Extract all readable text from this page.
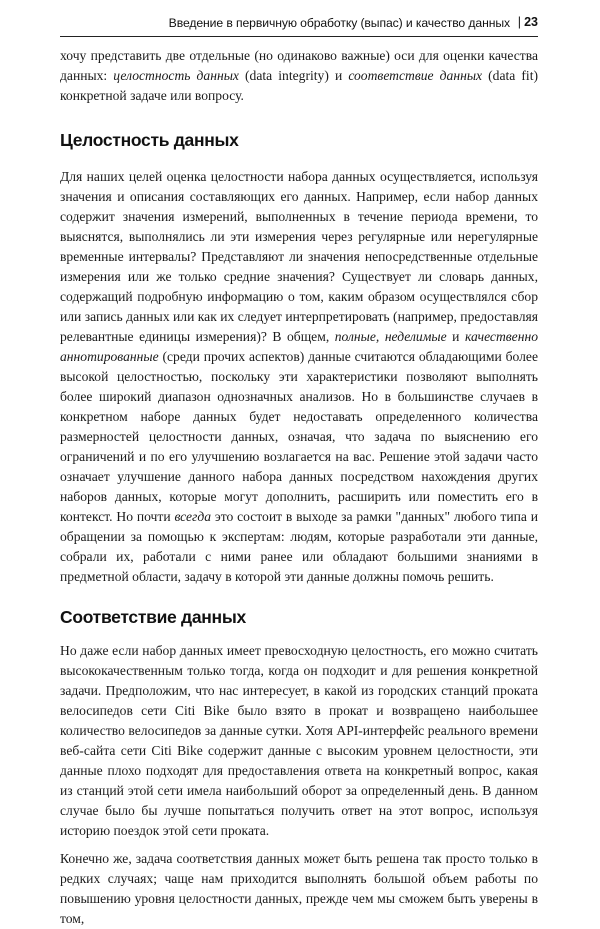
Введение в первичную обработку (выпас) и качество данных | 23

хочу представить две отдельные (но одинаково важные) оси для оценки качества данных: целостность данных (data integrity) и соответствие данных (data fit) конкретной задаче или вопросу.

Целостность данных

Для наших целей оценка целостности набора данных осуществляется, используя значения и описания составляющих его данных. Например, если набор данных содержит значения измерений, выполненных в течение периода времени, то выяснятся, выполнялись ли эти измерения через регулярные или нерегулярные временные интервалы? Представляют ли значения непосредственные отдельные измерения или же только средние значения? Существует ли словарь данных, содержащий подробную информацию о том, каким образом осуществлялся сбор или запись данных или как их следует интерпретировать (например, предоставляя релевантные единицы измерения)? В общем, полные, неделимые и качественно аннотированные (среди прочих аспектов) данные считаются обладающими более высокой целостностью, поскольку эти характеристики позволяют выполнять более широкий диапазон однозначных анализов. Но в большинстве случаев в конкретном наборе данных будет недоставать определенного количества размерностей целостности данных, означая, что задача по выяснению его ограничений и по его улучшению возлагается на вас. Решение этой задачи часто означает улучшение данного набора данных посредством нахождения других наборов данных, которые могут дополнить, расширить или поместить его в контекст. Но почти всегда это состоит в выходе за рамки "данных" любого типа и обращении за помощью к экспертам: людям, которые разработали эти данные, собрали их, работали с ними ранее или обладают большими знаниями в предметной области, задачу в которой эти данные должны помочь решить.

Соответствие данных

Но даже если набор данных имеет превосходную целостность, его можно считать высококачественным только тогда, когда он подходит и для решения конкретной задачи. Предположим, что нас интересует, в какой из городских станций проката велосипедов сети Citi Bike было взято в прокат и возвращено наибольшее количество велосипедов за данные сутки. Хотя API-интерфейс реального времени веб-сайта сети Citi Bike содержит данные с высоким уровнем целостности, эти данные плохо подходят для предоставления ответа на конкретный вопрос, какая из станций этой сети имела наибольший оборот за определенный день. В данном случае было бы лучше попытаться получить ответ на этот вопрос, используя историю поездок этой сети проката.

Конечно же, задача соответствия данных может быть решена так просто только в редких случаях; чаще нам приходится выполнять большой объем работы по повышению уровня целостности данных, прежде чем мы сможем быть уверены в том,
